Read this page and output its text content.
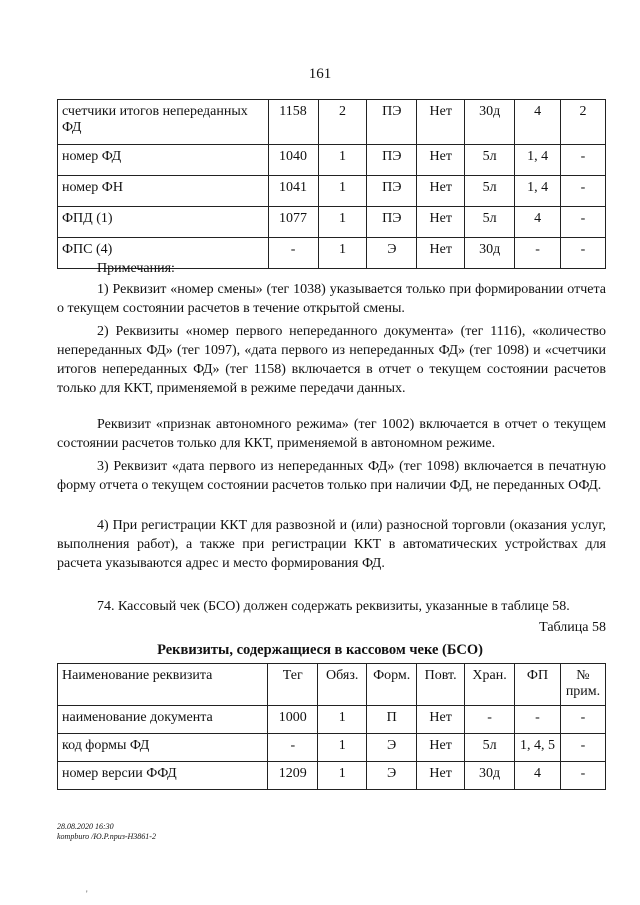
161
счетчики итогов непереданных ФД	1158	2	ПЭ	Нет	30д	4	2
номер ФД	1040	1	ПЭ	Нет	5л	1, 4	-
номер ФН	1041	1	ПЭ	Нет	5л	1, 4	-
ФПД (1)	1077	1	ПЭ	Нет	5л	4	-
ФПС (4)	-	1	Э	Нет	30д	-	-
Примечания:
1) Реквизит «номер смены» (тег 1038) указывается только при формировании отчета о текущем состоянии расчетов в течение открытой смены.
2) Реквизиты «номер первого непереданного документа» (тег 1116), «количество непереданных ФД» (тег 1097), «дата первого из непереданных ФД» (тег 1098) и «счетчики итогов непереданных ФД» (тег 1158) включается в отчет о текущем состоянии расчетов только для ККТ, применяемой в режиме передачи данных.
Реквизит «признак автономного режима» (тег 1002) включается в отчет о текущем состоянии расчетов только для ККТ, применяемой в автономном режиме.
3) Реквизит «дата первого из непереданных ФД» (тег 1098) включается в печатную форму отчета о текущем состоянии расчетов только при наличии ФД, не переданных ОФД.
4) При регистрации ККТ для развозной и (или) разносной торговли (оказания услуг, выполнения работ), а также при регистрации ККТ в автоматических устройствах для расчета указываются адрес и место формирования ФД.
74. Кассовый чек (БСО) должен содержать реквизиты, указанные в таблице 58.
Таблица 58
Реквизиты, содержащиеся в кассовом чеке (БСО)
Наименование реквизита	Тег	Обяз.	Форм.	Повт.	Хран.	ФП	№ прим.
наименование документа	1000	1	П	Нет	-	-	-
код формы ФД	-	1	Э	Нет	5л	1, 4, 5	-
номер версии ФФД	1209	1	Э	Нет	30д	4	-
28.08.2020 16:30
kompburo /Ю.Р.приз-Н3861-2
'
